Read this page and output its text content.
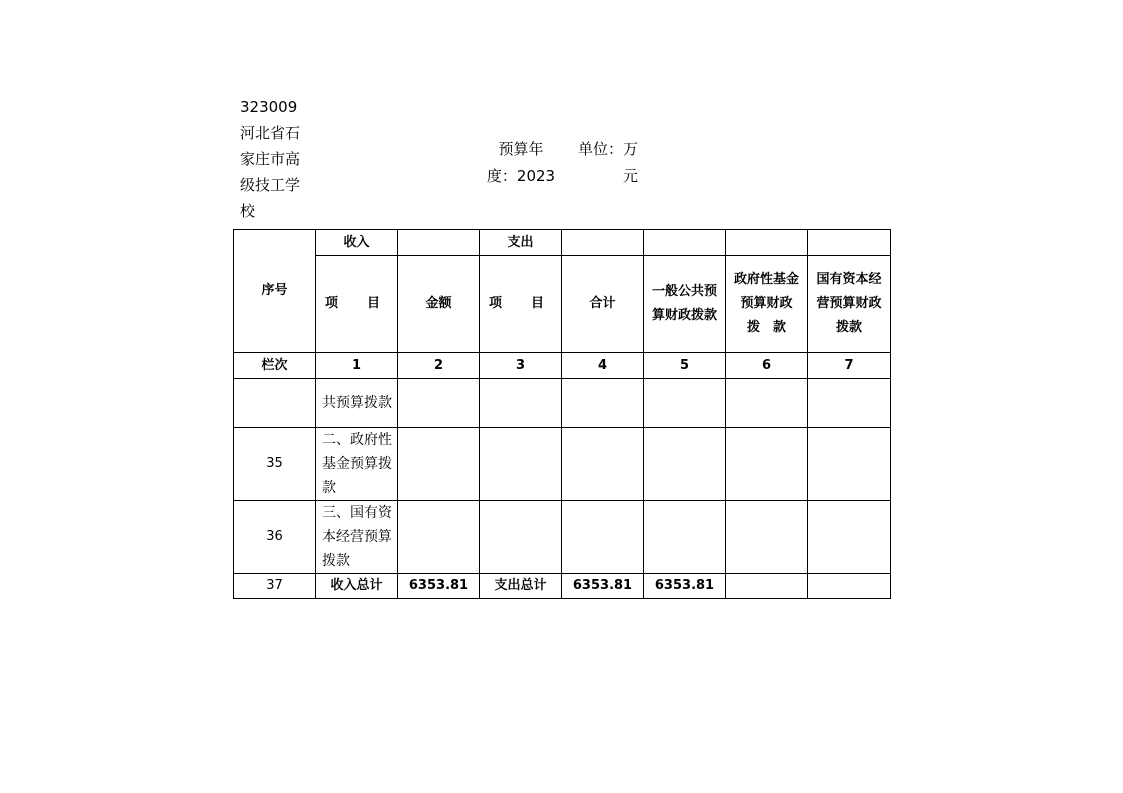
323009 河北省石家庄市高级技工学校
预算年度：2023
单位：万元
序号	收入		支出				
	项　目	金额	项　目	合计	一般公共预算财政拨款	政府性基金预算财政　拨　款	国有资本经营预算财政拨款
栏次	1	2	3	4	5	6	7
	共预算拨款						
35	二、政府性基金预算拨款						
36	三、国有资本经营预算拨款						
37	收入总计	6353.81	支出总计	6353.81	6353.81		
